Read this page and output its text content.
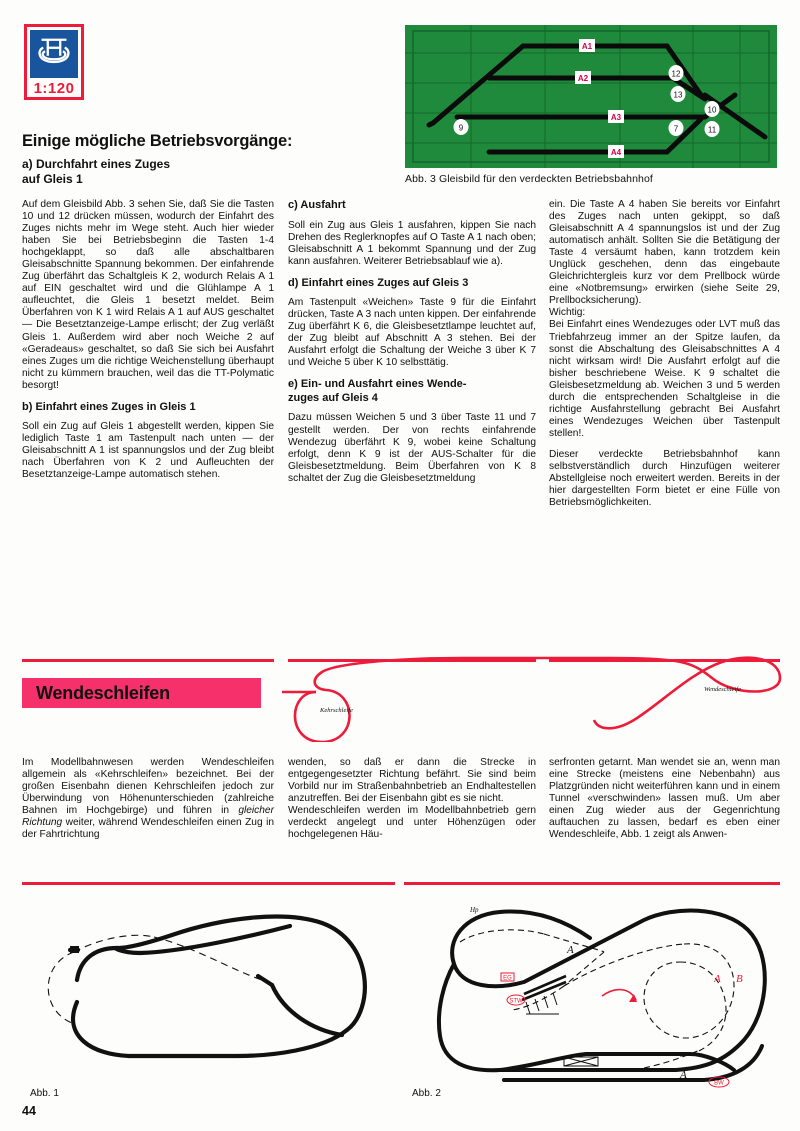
1:120
Einige mögliche Betriebsvorgänge:
a) Durchfahrt eines Zuges
auf Gleis 1
A1
A2
A3
A4
9
12
13
10
7	11
Abb. 3 Gleisbild für den verdeckten Betriebsbahnhof

Auf dem Gleisbild Abb. 3 sehen Sie, daß Sie die Tasten 10 und 12 drücken müssen, wodurch der Einfahrt des Zuges nichts mehr im Wege steht. Auch hier wieder haben Sie bei Betriebsbeginn die Tasten 1-4 hochgeklappt, so daß alle abschaltbaren Gleisabschnitte Spannung bekommen. Der einfahrende Zug überfährt das Schaltgleis K 2, wodurch Relais A 1 auf EIN geschaltet wird und die Glühlampe A 1 aufleuchtet, die Gleis 1 besetzt meldet. Beim Überfahren von K 1 wird Relais A 1 auf AUS geschaltet — Die Besetztanzeige-Lampe erlischt; der Zug verläßt Gleis 1. Außerdem wird aber noch Weiche 2 auf «Geradeaus» geschaltet, so daß Sie sich bei Ausfahrt eines Zuges um die richtige Weichenstellung überhaupt nicht zu kümmern brauchen, weil das die TT-Polymatic besorgt!

b) Einfahrt eines Zuges in Gleis 1

Soll ein Zug auf Gleis 1 abgestellt werden, kippen Sie lediglich Taste 1 am Tastenpult nach unten — der Gleisabschnitt A 1 ist spannungslos und der Zug bleibt nach Überfahren von K 2 und Aufleuchten der Besetztanzeige-Lampe automatisch stehen.

c) Ausfahrt

Soll ein Zug aus Gleis 1 ausfahren, kippen Sie nach Drehen des Reglerknopfes auf O Taste A 1 nach oben; Gleisabschnitt A 1 bekommt Spannung und der Zug kann ausfahren. Weiterer Betriebsablauf wie a).

d) Einfahrt eines Zuges auf Gleis 3

Am Tastenpult «Weichen» Taste 9 für die Einfahrt drücken, Taste A 3 nach unten kippen. Der einfahrende Zug überfährt K 6, die Gleisbesetztlampe leuchtet auf, der Zug bleibt auf Abschnitt A 3 stehen. Bei der Ausfahrt erfolgt die Schaltung der Weiche 3 über K 7 und Weiche 5 über K 10 selbsttätig.

e) Ein- und Ausfahrt eines Wende-
zuges auf Gleis 4

Dazu müssen Weichen 5 und 3 über Taste 11 und 7 gestellt werden. Der von rechts einfahrende Wendezug überfährt K 9, wobei keine Schaltung erfolgt, denn K 9 ist der AUS-Schalter für die Gleisbesetztmeldung. Beim Überfahren von K 8 schaltet der Zug die Gleisbesetztmeldung

ein. Die Taste A 4 haben Sie bereits vor Einfahrt des Zuges nach unten gekippt, so daß Gleisabschnitt A 4 spannungslos ist und der Zug automatisch anhält. Sollten Sie die Betätigung der Taste 4 versäumt haben, kann trotzdem kein Unglück geschehen, denn das eingebaute Gleichrichtergleis kurz vor dem Prellbock würde eine «Notbremsung» erwirken (siehe Seite 29, Prellbocksicherung).

Wichtig:

Bei Einfahrt eines Wendezuges oder LVT muß das Triebfahrzeug immer an der Spitze laufen, da sonst die Abschaltung des Gleisabschnittes A 4 nicht wirksam wird! Die Ausfahrt erfolgt auf die bisher beschriebene Weise. K 9 schaltet die Gleisbesetzmeldung ab. Weichen 3 und 5 werden durch die entsprechenden Schaltgleise in die richtige Ausfahrstellung gebracht Bei Ausfahrt eines Wendezuges Weichen über Tastenpult stellen!.

Dieser verdeckte Betriebsbahnhof kann selbstverständlich durch Hinzufügen weiterer Abstellgleise noch erweitert werden. Bereits in der hier dargestellten Form bietet er eine Fülle von Betriebsmöglichkeiten.

Wendeschleifen
Kehrschleife
Wendeschleife

Im Modellbahnwesen werden Wendeschleifen allgemein als «Kehrschleifen» bezeichnet. Bei der großen Eisenbahn dienen Kehrschleifen jedoch zur Überwindung von Höhenunterschieden (zahlreiche Bahnen im Hochgebirge) und führen in gleicher Richtung weiter, während Wendeschleifen einen Zug in der Fahrtrichtung

wenden, so daß er dann die Strecke in entgegengesetzter Richtung befährt. Sie sind beim Vorbild nur im Straßenbahnbetrieb an Endhaltestellen anzutreffen. Bei der Eisenbahn gibt es sie nicht.

Wendeschleifen werden im Modellbahnbetrieb gern verdeckt angelegt und unter Höhenzügen oder hochgelegenen Häu-

serfronten getarnt. Man wendet sie an, wenn man eine Strecke (meistens eine Nebenbahn) aus Platzgründen nicht weiterführen kann und in einem Tunnel «verschwinden» lassen muß. Um aber einen Zug wieder aus der Gegenrichtung auftauchen zu lassen, bedarf es eben einer Wendeschleife, Abb. 1 zeigt als Anwen-

Abb. 1
A
A
A B
Hp
EG
STW
BW
Abb. 2
44
